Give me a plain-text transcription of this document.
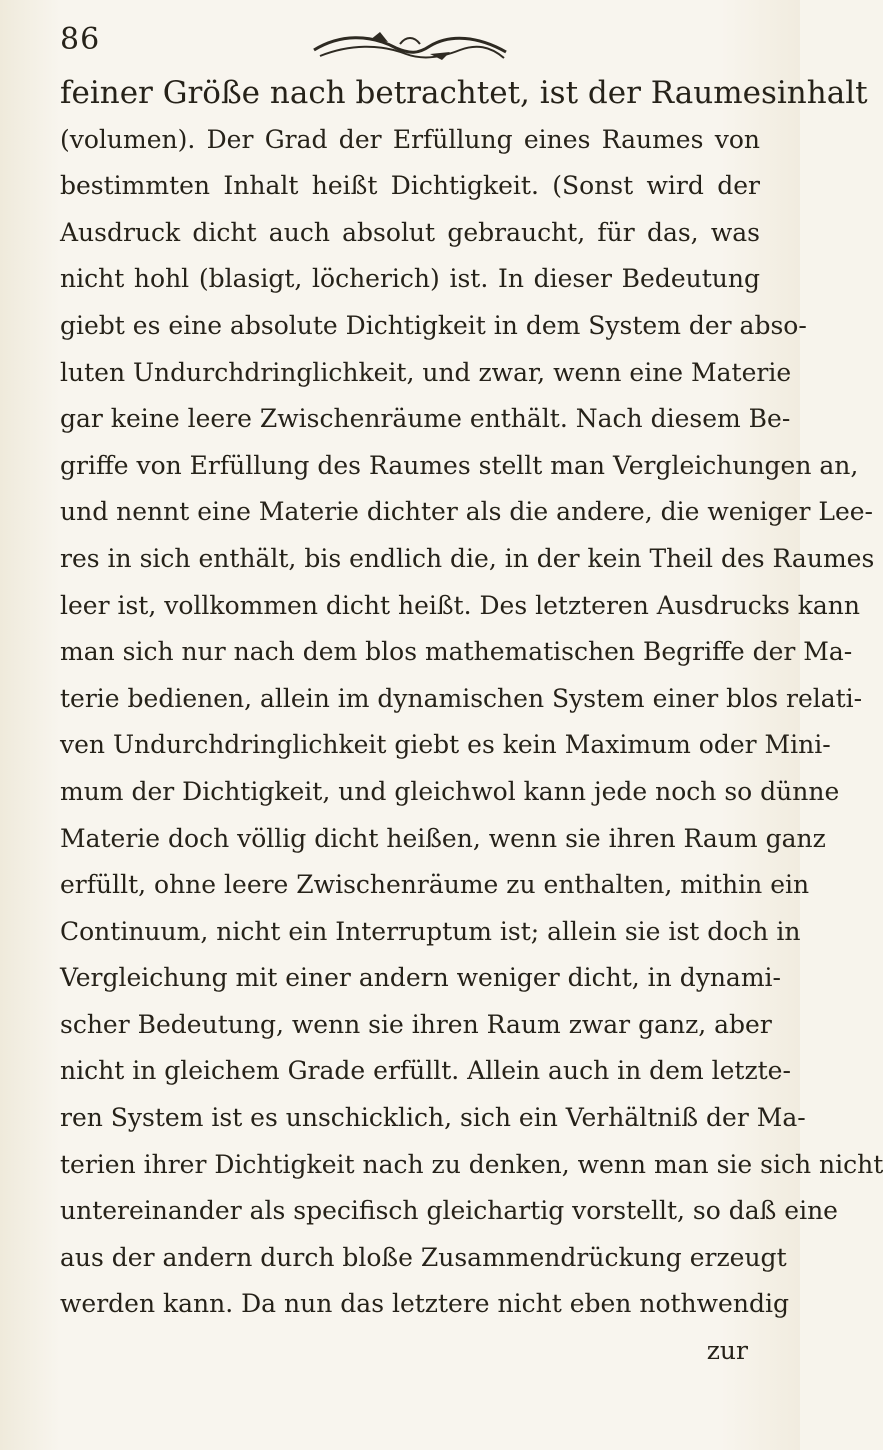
86
feiner Größe nach betrachtet, ist der Raumesinhalt
(volumen). Der Grad der Erfüllung eines Raumes von
bestimmten Inhalt heißt Dichtigkeit. (Sonst wird der
Ausdruck dicht auch absolut gebraucht, für das, was
nicht hohl (blasigt, löcherich) ist. In dieser Bedeutung
giebt es eine absolute Dichtigkeit in dem System der abso-
luten Undurchdringlichkeit, und zwar, wenn eine Materie
gar keine leere Zwischenräume enthält. Nach diesem Be-
griffe von Erfüllung des Raumes stellt man Vergleichungen an,
und nennt eine Materie dichter als die andere, die weniger Lee-
res in sich enthält, bis endlich die, in der kein Theil des Raumes
leer ist, vollkommen dicht heißt. Des letzteren Ausdrucks kann
man sich nur nach dem blos mathematischen Begriffe der Ma-
terie bedienen, allein im dynamischen System einer blos relati-
ven Undurchdringlichkeit giebt es kein Maximum oder Mini-
mum der Dichtigkeit, und gleichwol kann jede noch so dünne
Materie doch völlig dicht heißen, wenn sie ihren Raum ganz
erfüllt, ohne leere Zwischenräume zu enthalten, mithin ein
Continuum, nicht ein Interruptum ist; allein sie ist doch in
Vergleichung mit einer andern weniger dicht, in dynami-
scher Bedeutung, wenn sie ihren Raum zwar ganz, aber
nicht in gleichem Grade erfüllt. Allein auch in dem letzte-
ren System ist es unschicklich, sich ein Verhältniß der Ma-
terien ihrer Dichtigkeit nach zu denken, wenn man sie sich nicht
untereinander als specifisch gleichartig vorstellt, so daß eine
aus der andern durch bloße Zusammendrückung erzeugt
werden kann. Da nun das letztere nicht eben nothwendig
zur
